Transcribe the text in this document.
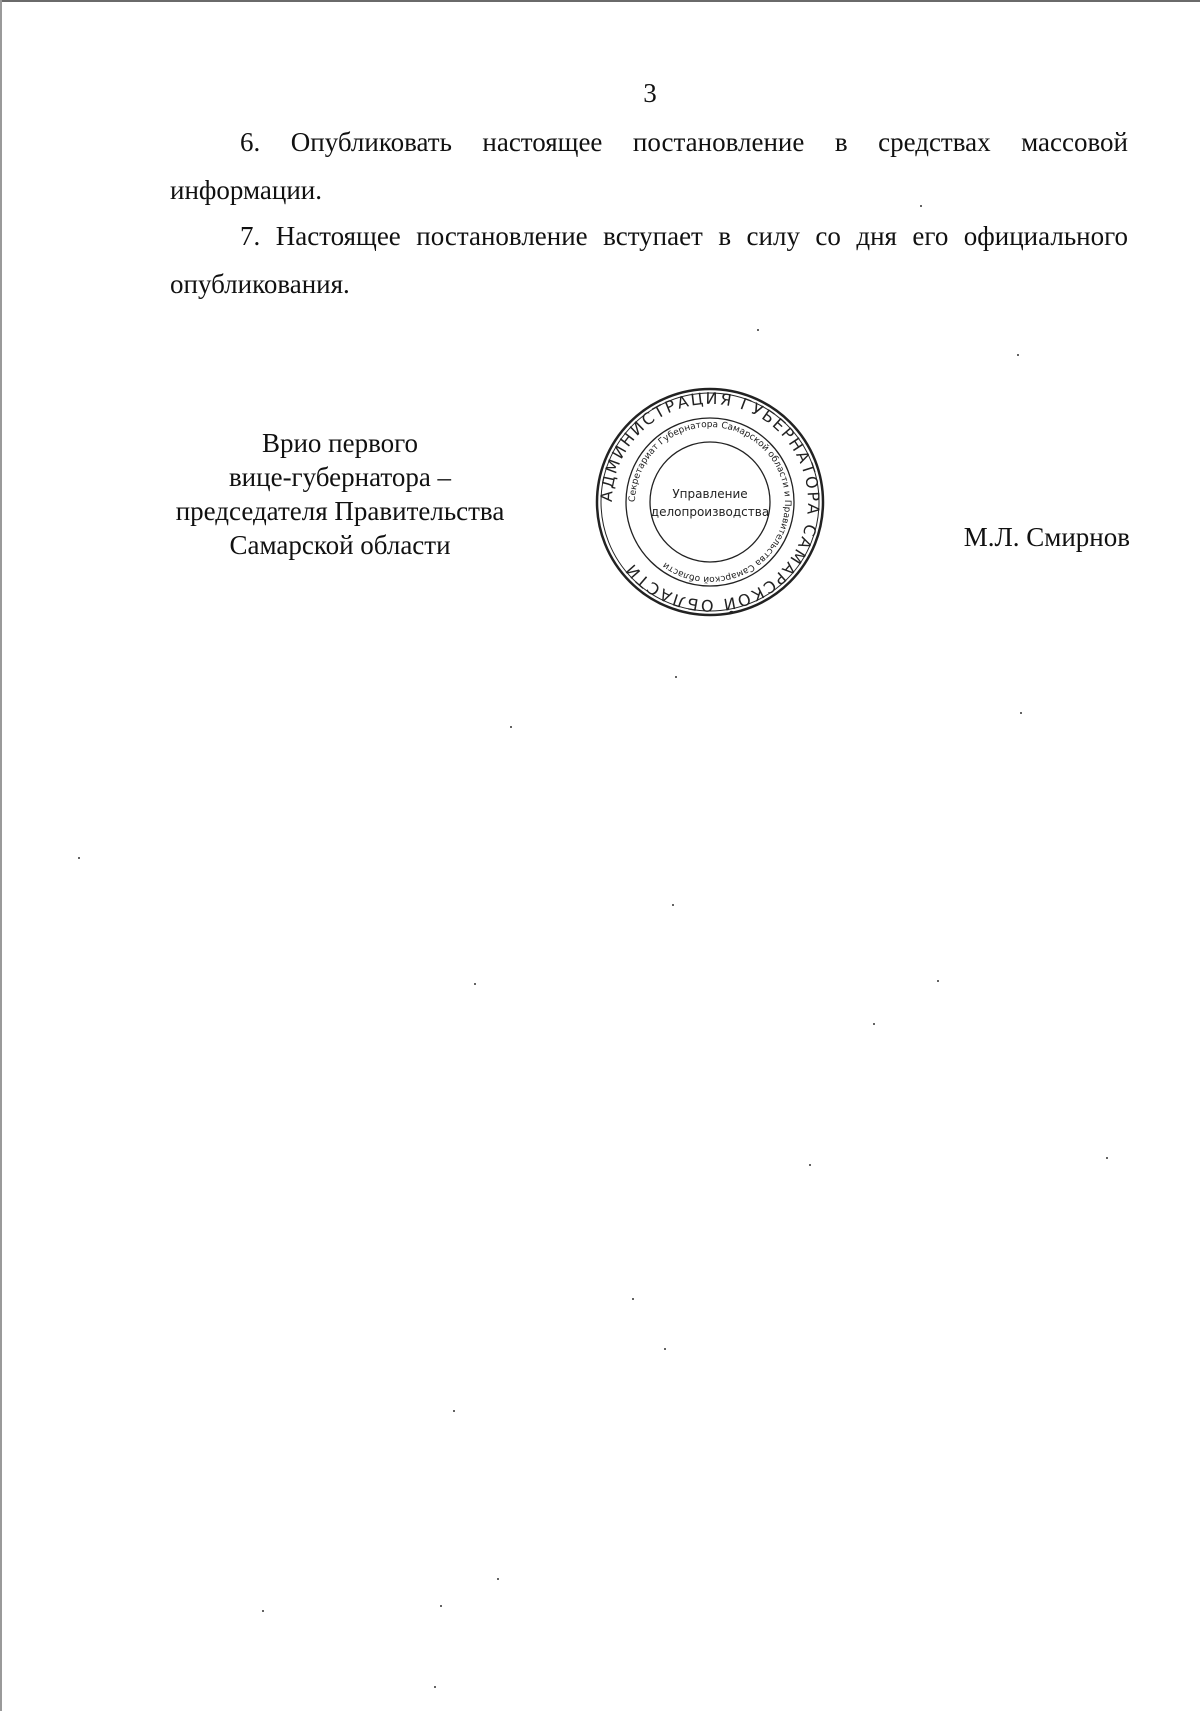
3

6. Опубликовать настоящее постановление в средствах массовой
информации.

7. Настоящее постановление вступает в силу со дня его официального
опубликования.

Врио первого
вице-губернатора –
председателя Правительства
Самарской области
АДМИНИСТРАЦИЯ ГУБЕРНАТОРА САМАРСКОЙ ОБЛАСТИ
Секретариат Губернатора Самарской области и Правительства Самарской области
Управление
делопроизводства
М.Л. Смирнов
